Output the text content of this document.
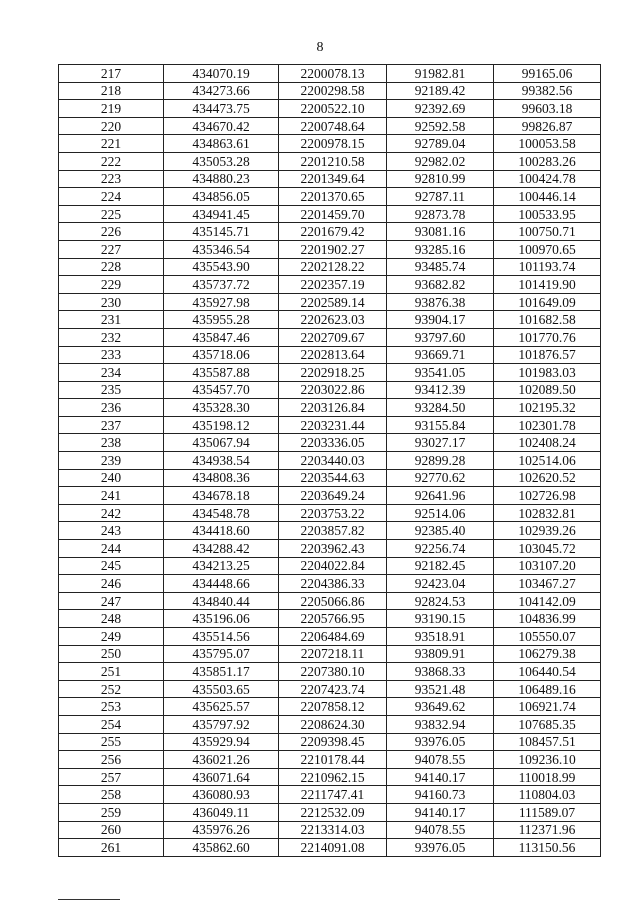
8
217	434070.19	2200078.13	91982.81	99165.06
218	434273.66	2200298.58	92189.42	99382.56
219	434473.75	2200522.10	92392.69	99603.18
220	434670.42	2200748.64	92592.58	99826.87
221	434863.61	2200978.15	92789.04	100053.58
222	435053.28	2201210.58	92982.02	100283.26
223	434880.23	2201349.64	92810.99	100424.78
224	434856.05	2201370.65	92787.11	100446.14
225	434941.45	2201459.70	92873.78	100533.95
226	435145.71	2201679.42	93081.16	100750.71
227	435346.54	2201902.27	93285.16	100970.65
228	435543.90	2202128.22	93485.74	101193.74
229	435737.72	2202357.19	93682.82	101419.90
230	435927.98	2202589.14	93876.38	101649.09
231	435955.28	2202623.03	93904.17	101682.58
232	435847.46	2202709.67	93797.60	101770.76
233	435718.06	2202813.64	93669.71	101876.57
234	435587.88	2202918.25	93541.05	101983.03
235	435457.70	2203022.86	93412.39	102089.50
236	435328.30	2203126.84	93284.50	102195.32
237	435198.12	2203231.44	93155.84	102301.78
238	435067.94	2203336.05	93027.17	102408.24
239	434938.54	2203440.03	92899.28	102514.06
240	434808.36	2203544.63	92770.62	102620.52
241	434678.18	2203649.24	92641.96	102726.98
242	434548.78	2203753.22	92514.06	102832.81
243	434418.60	2203857.82	92385.40	102939.26
244	434288.42	2203962.43	92256.74	103045.72
245	434213.25	2204022.84	92182.45	103107.20
246	434448.66	2204386.33	92423.04	103467.27
247	434840.44	2205066.86	92824.53	104142.09
248	435196.06	2205766.95	93190.15	104836.99
249	435514.56	2206484.69	93518.91	105550.07
250	435795.07	2207218.11	93809.91	106279.38
251	435851.17	2207380.10	93868.33	106440.54
252	435503.65	2207423.74	93521.48	106489.16
253	435625.57	2207858.12	93649.62	106921.74
254	435797.92	2208624.30	93832.94	107685.35
255	435929.94	2209398.45	93976.05	108457.51
256	436021.26	2210178.44	94078.55	109236.10
257	436071.64	2210962.15	94140.17	110018.99
258	436080.93	2211747.41	94160.73	110804.03
259	436049.11	2212532.09	94140.17	111589.07
260	435976.26	2213314.03	94078.55	112371.96
261	435862.60	2214091.08	93976.05	113150.56
